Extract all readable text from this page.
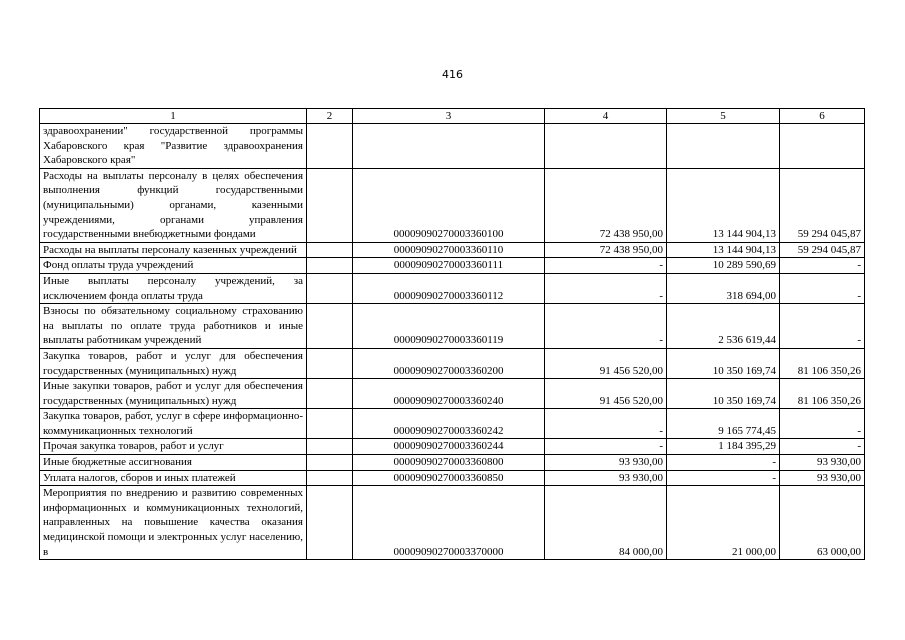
416
1	2	3	4	5	6
здравоохранении" государственной программы Хабаровского края "Развитие здравоохранения Хабаровского края"					
Расходы на выплаты персоналу в целях обеспечения выполнения функций государственными (муниципальными) органами, казенными учреждениями, органами управления государственными внебюджетными фондами		00009090270003360100	72 438 950,00	13 144 904,13	59 294 045,87
Расходы на выплаты персоналу казенных учреждений		00009090270003360110	72 438 950,00	13 144 904,13	59 294 045,87
Фонд оплаты труда учреждений		00009090270003360111	-	10 289 590,69	-
Иные выплаты персоналу учреждений, за исключением фонда оплаты труда		00009090270003360112	-	318 694,00	-
Взносы по обязательному социальному страхованию на выплаты по оплате труда работников и иные выплаты работникам учреждений		00009090270003360119	-	2 536 619,44	-
Закупка товаров, работ и услуг для обеспечения государственных (муниципальных) нужд		00009090270003360200	91 456 520,00	10 350 169,74	81 106 350,26
Иные закупки товаров, работ и услуг для обеспечения государственных (муниципальных) нужд		00009090270003360240	91 456 520,00	10 350 169,74	81 106 350,26
Закупка товаров, работ, услуг в сфере информационно-коммуникационных технологий		00009090270003360242	-	9 165 774,45	-
Прочая закупка товаров, работ и услуг		00009090270003360244	-	1 184 395,29	-
Иные бюджетные ассигнования		00009090270003360800	93 930,00	-	93 930,00
Уплата налогов, сборов и иных платежей		00009090270003360850	93 930,00	-	93 930,00
Мероприятия по внедрению и развитию современных информационных и коммуникационных технологий, направленных на повышение качества оказания медицинской помощи и электронных услуг населению, в		00009090270003370000	84 000,00	21 000,00	63 000,00
